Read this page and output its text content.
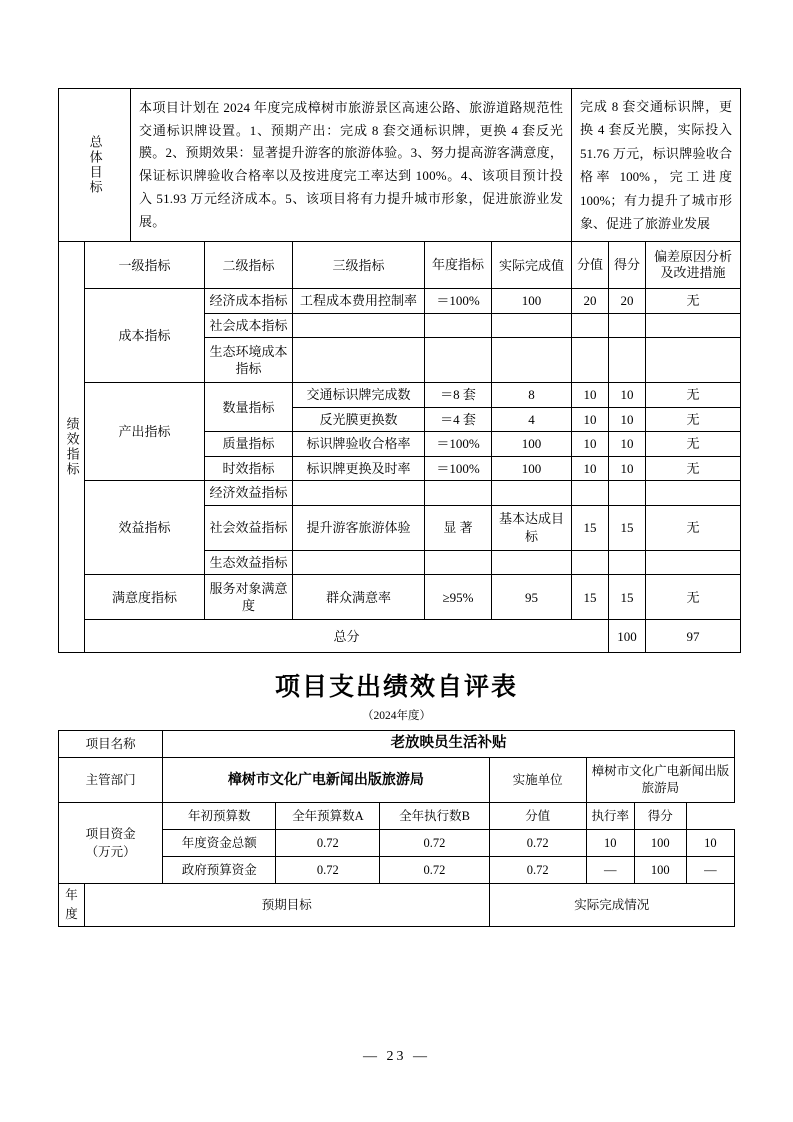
总体目标		本项目计划在 2024 年度完成樟树市旅游景区高速公路、旅游道路规范性交通标识牌设置。1、预期产出：完成 8 套交通标识牌，更换 4 套反光膜。2、预期效果：显著提升游客的旅游体验。3、努力提高游客满意度，保证标识牌验收合格率以及按进度完工率达到 100%。4、该项目预计投入 51.93 万元经济成本。5、该项目将有力提升城市形象，促进旅游业发展。					完成 8 套交通标识牌，更换 4 套反光膜，实际投入 51.76 万元，标识牌验收合格率 100%，完工进度 100%；有力提升了城市形象、促进了旅游业发展			

绩效指标	一级指标		二级指标	三级指标	年度指标	实际完成值	分值	得分	偏差原因分析及改进措施	
	成本指标		经济成本指标	工程成本费用控制率	＝100%	100	20	20	无	
			社会成本指标							
			生态环境成本指标							
	产出指标		数量指标	交通标识牌完成数	＝8 套	8	10	10	无	
				反光膜更换数	＝4 套	4	10	10	无	
			质量指标	标识牌验收合格率	＝100%	100	10	10	无	
			时效指标	标识牌更换及时率	＝100%	100	10	10	无	
	效益指标		经济效益指标							
			社会效益指标	提升游客旅游体验	显 著	基本达成目标	15	15	无	
			生态效益指标							
	满意度指标		服务对象满意度	群众满意率	≥95%	95	15	15	无	
	总分							100	97	
项目支出绩效自评表
（2024年度）
项目名称		老放映员生活补贴						
主管部门		樟树市文化广电新闻出版旅游局			实施单位	樟树市文化广电新闻出版旅游局		

项目资金
（万元）		年初预算数	全年预算数A	全年执行数B	分值	执行率	得分	
		年度资金总额	0.72	0.72	0.72	10	100	10
		政府预算资金	0.72	0.72	0.72	—	100	—
年度	预期目标				实际完成情况			
— 23 —
